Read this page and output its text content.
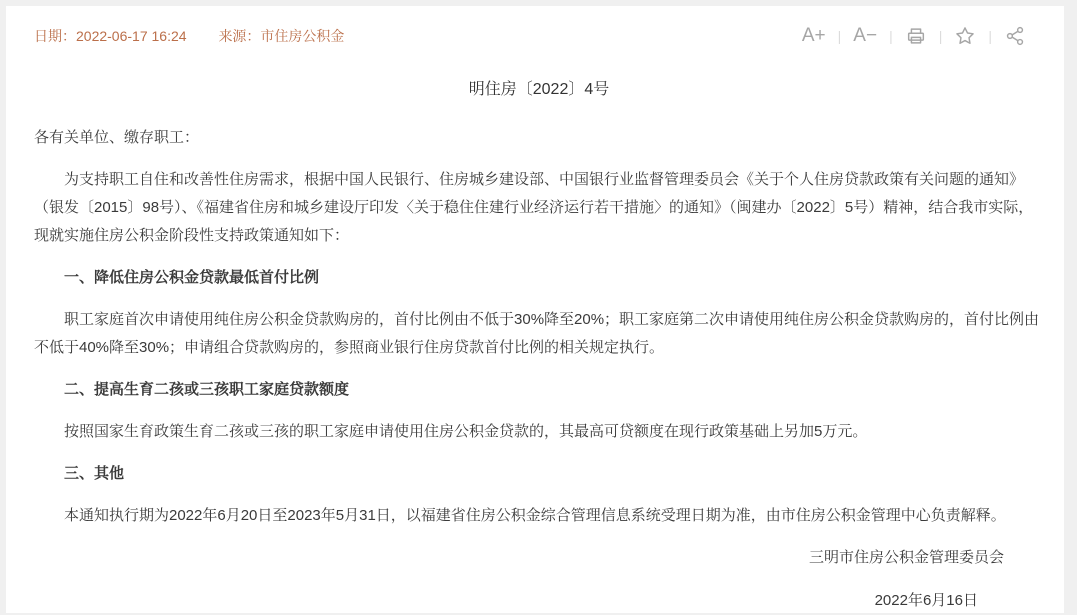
日期：2022-06-17 16:24 来源：市住房公积金	A+ | A− |	|	|
明住房〔2022〕4号

各有关单位、缴存职工：

为支持职工自住和改善性住房需求，根据中国人民银行、住房城乡建设部、中国银行业监督管理委员会《关于个人住房贷款政策有关问题的通知》（银发〔2015〕98号）、《福建省住房和城乡建设厅印发〈关于稳住住建行业经济运行若干措施〉的通知》（闽建办〔2022〕5号）精神，结合我市实际，现就实施住房公积金阶段性支持政策通知如下：

一、降低住房公积金贷款最低首付比例

职工家庭首次申请使用纯住房公积金贷款购房的，首付比例由不低于30%降至20%；职工家庭第二次申请使用纯住房公积金贷款购房的，首付比例由不低于40%降至30%；申请组合贷款购房的，参照商业银行住房贷款首付比例的相关规定执行。

二、提高生育二孩或三孩职工家庭贷款额度

按照国家生育政策生育二孩或三孩的职工家庭申请使用住房公积金贷款的，其最高可贷额度在现行政策基础上另加5万元。

三、其他

本通知执行期为2022年6月20日至2023年5月31日，以福建省住房公积金综合管理信息系统受理日期为准，由市住房公积金管理中心负责解释。

三明市住房公积金管理委员会

2022年6月16日
